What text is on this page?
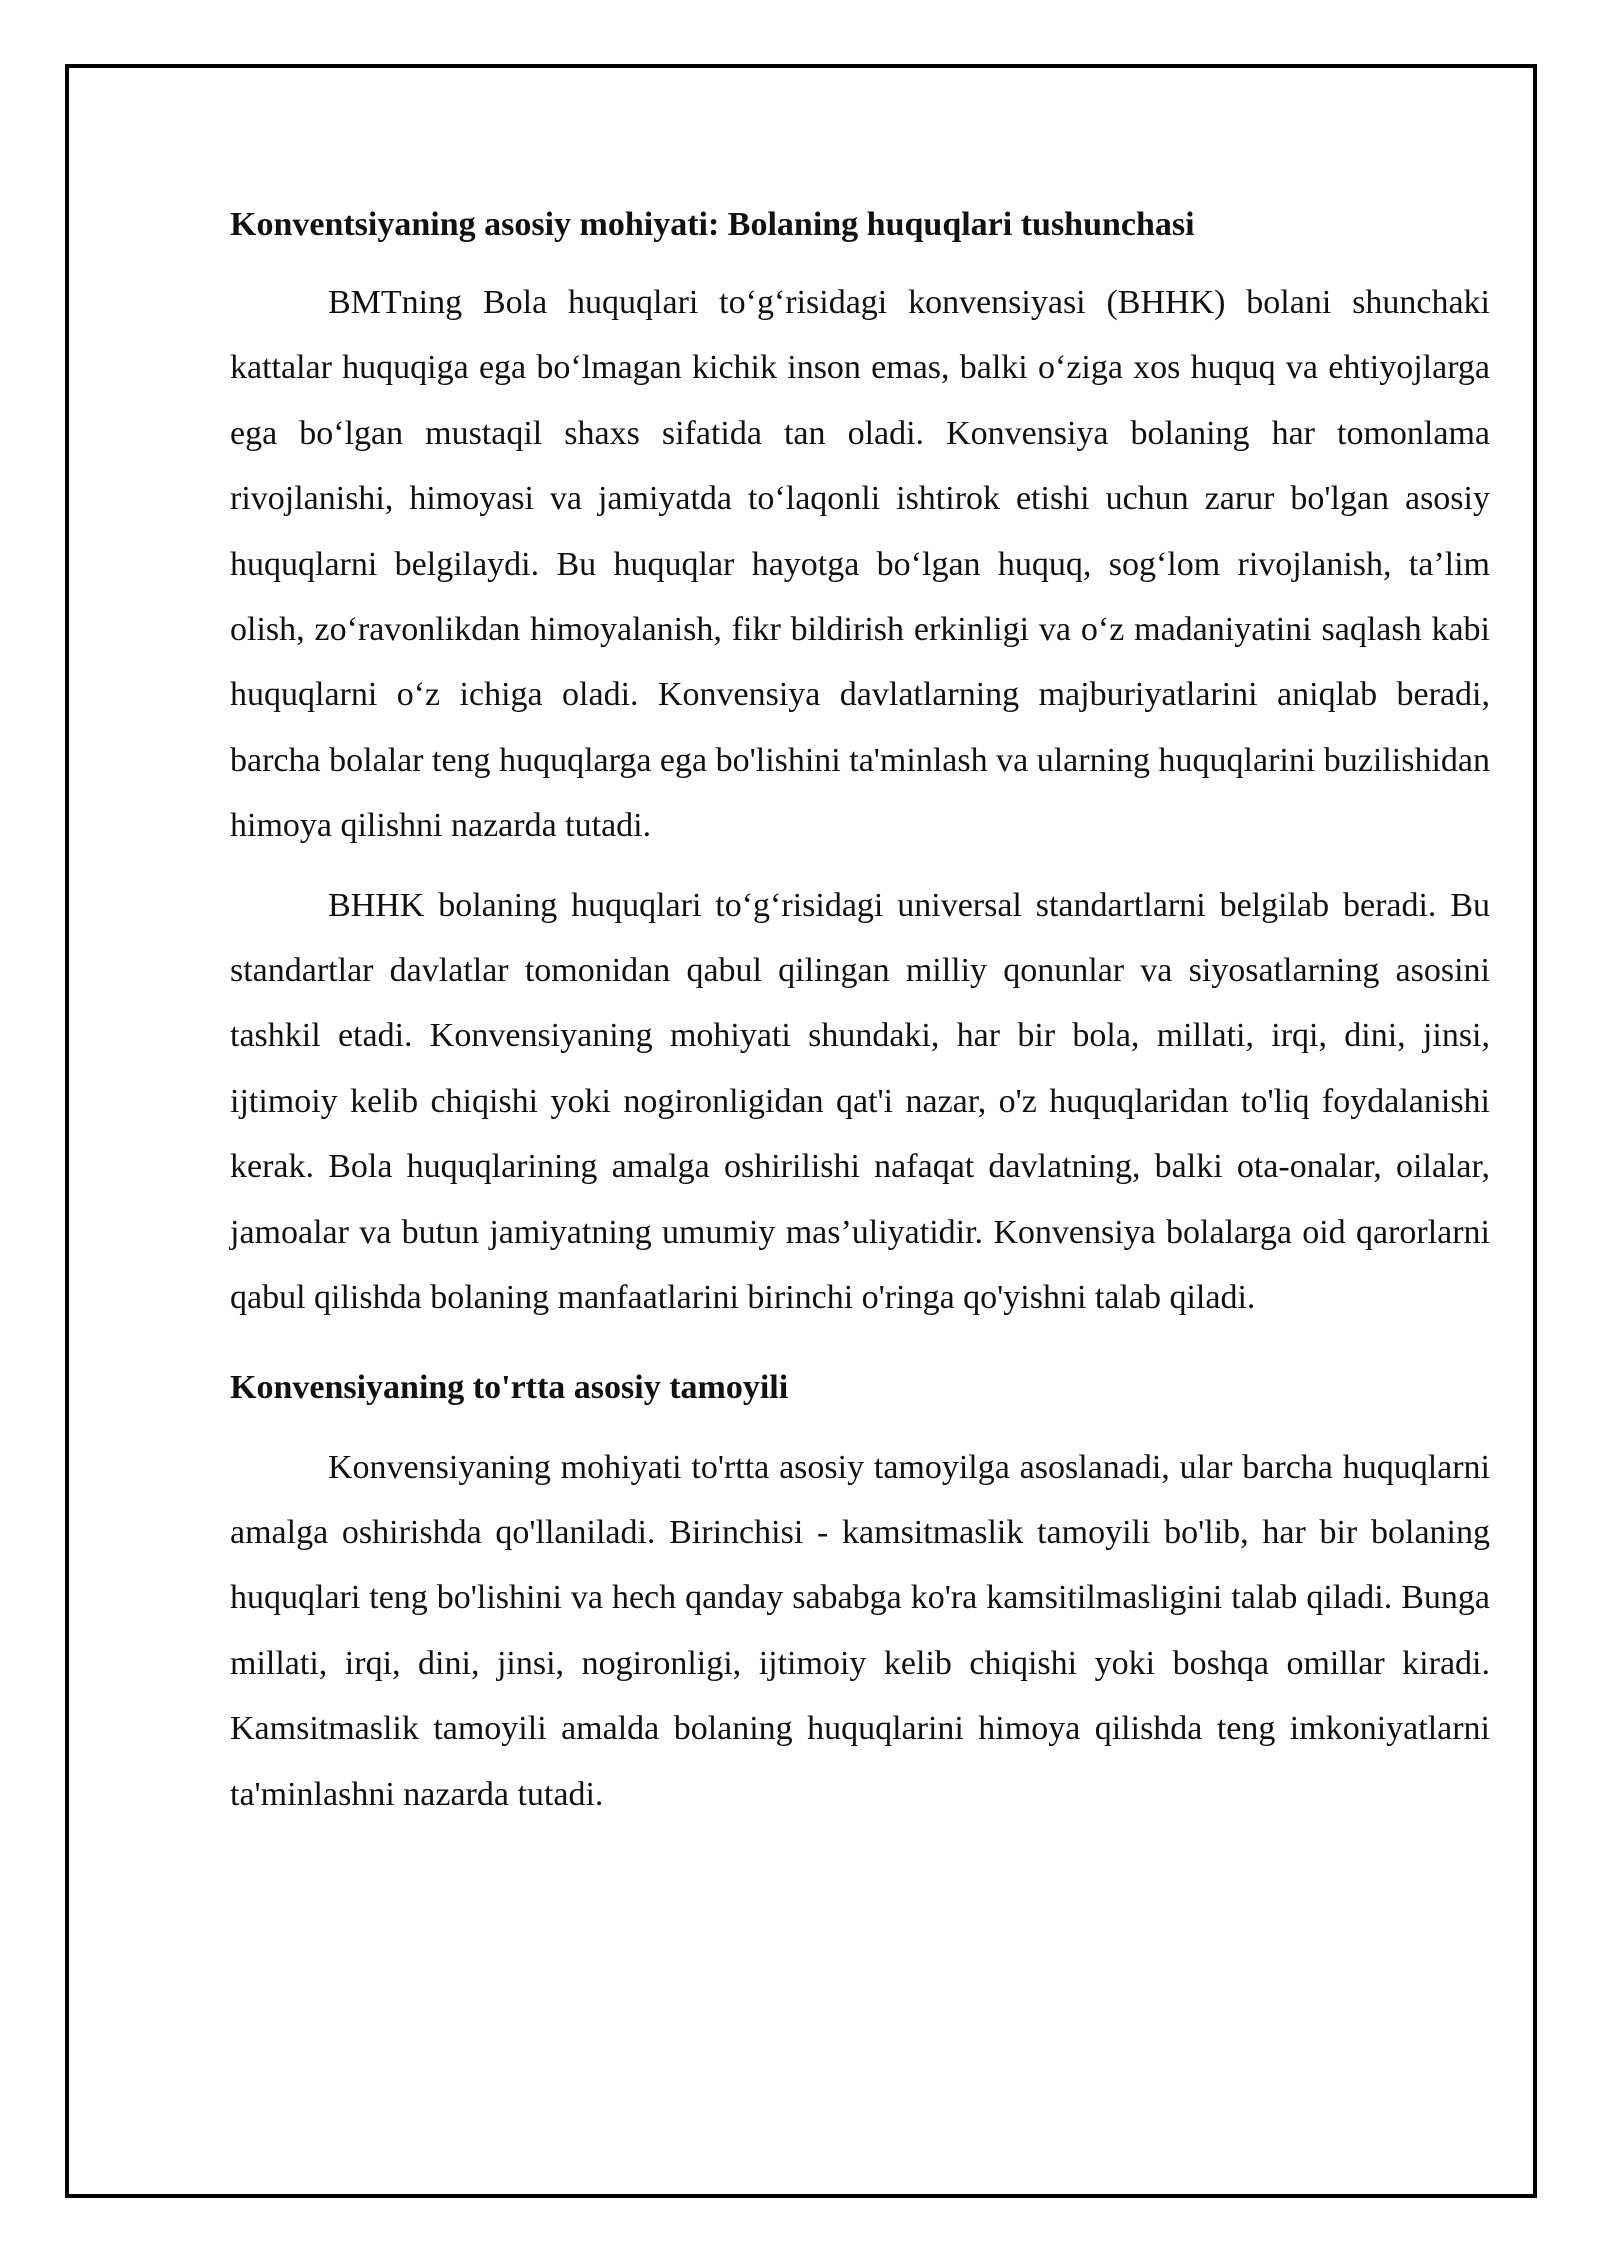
Konventsiyaning asosiy mohiyati: Bolaning huquqlari tushunchasi

BMTning Bola huquqlari to‘g‘risidagi konvensiyasi (BHHK) bolani shunchaki kattalar huquqiga ega bo‘lmagan kichik inson emas, balki o‘ziga xos huquq va ehtiyojlarga ega bo‘lgan mustaqil shaxs sifatida tan oladi. Konvensiya bolaning har tomonlama rivojlanishi, himoyasi va jamiyatda to‘laqonli ishtirok etishi uchun zarur bo'lgan asosiy huquqlarni belgilaydi. Bu huquqlar hayotga bo‘lgan huquq, sog‘lom rivojlanish, ta’lim olish, zo‘ravonlikdan himoyalanish, fikr bildirish erkinligi va o‘z madaniyatini saqlash kabi huquqlarni o‘z ichiga oladi. Konvensiya davlatlarning majburiyatlarini aniqlab beradi, barcha bolalar teng huquqlarga ega bo'lishini ta'minlash va ularning huquqlarini buzilishidan himoya qilishni nazarda tutadi.

BHHK bolaning huquqlari to‘g‘risidagi universal standartlarni belgilab beradi. Bu standartlar davlatlar tomonidan qabul qilingan milliy qonunlar va siyosatlarning asosini tashkil etadi. Konvensiyaning mohiyati shundaki, har bir bola, millati, irqi, dini, jinsi, ijtimoiy kelib chiqishi yoki nogironligidan qat'i nazar, o'z huquqlaridan to'liq foydalanishi kerak. Bola huquqlarining amalga oshirilishi nafaqat davlatning, balki ota-onalar, oilalar, jamoalar va butun jamiyatning umumiy mas’uliyatidir. Konvensiya bolalarga oid qarorlarni qabul qilishda bolaning manfaatlarini birinchi o'ringa qo'yishni talab qiladi.

Konvensiyaning to'rtta asosiy tamoyili

Konvensiyaning mohiyati to'rtta asosiy tamoyilga asoslanadi, ular barcha huquqlarni amalga oshirishda qo'llaniladi. Birinchisi - kamsitmaslik tamoyili bo'lib, har bir bolaning huquqlari teng bo'lishini va hech qanday sababga ko'ra kamsitilmasligini talab qiladi. Bunga millati, irqi, dini, jinsi, nogironligi, ijtimoiy kelib chiqishi yoki boshqa omillar kiradi. Kamsitmaslik tamoyili amalda bolaning huquqlarini himoya qilishda teng imkoniyatlarni ta'minlashni nazarda tutadi.
